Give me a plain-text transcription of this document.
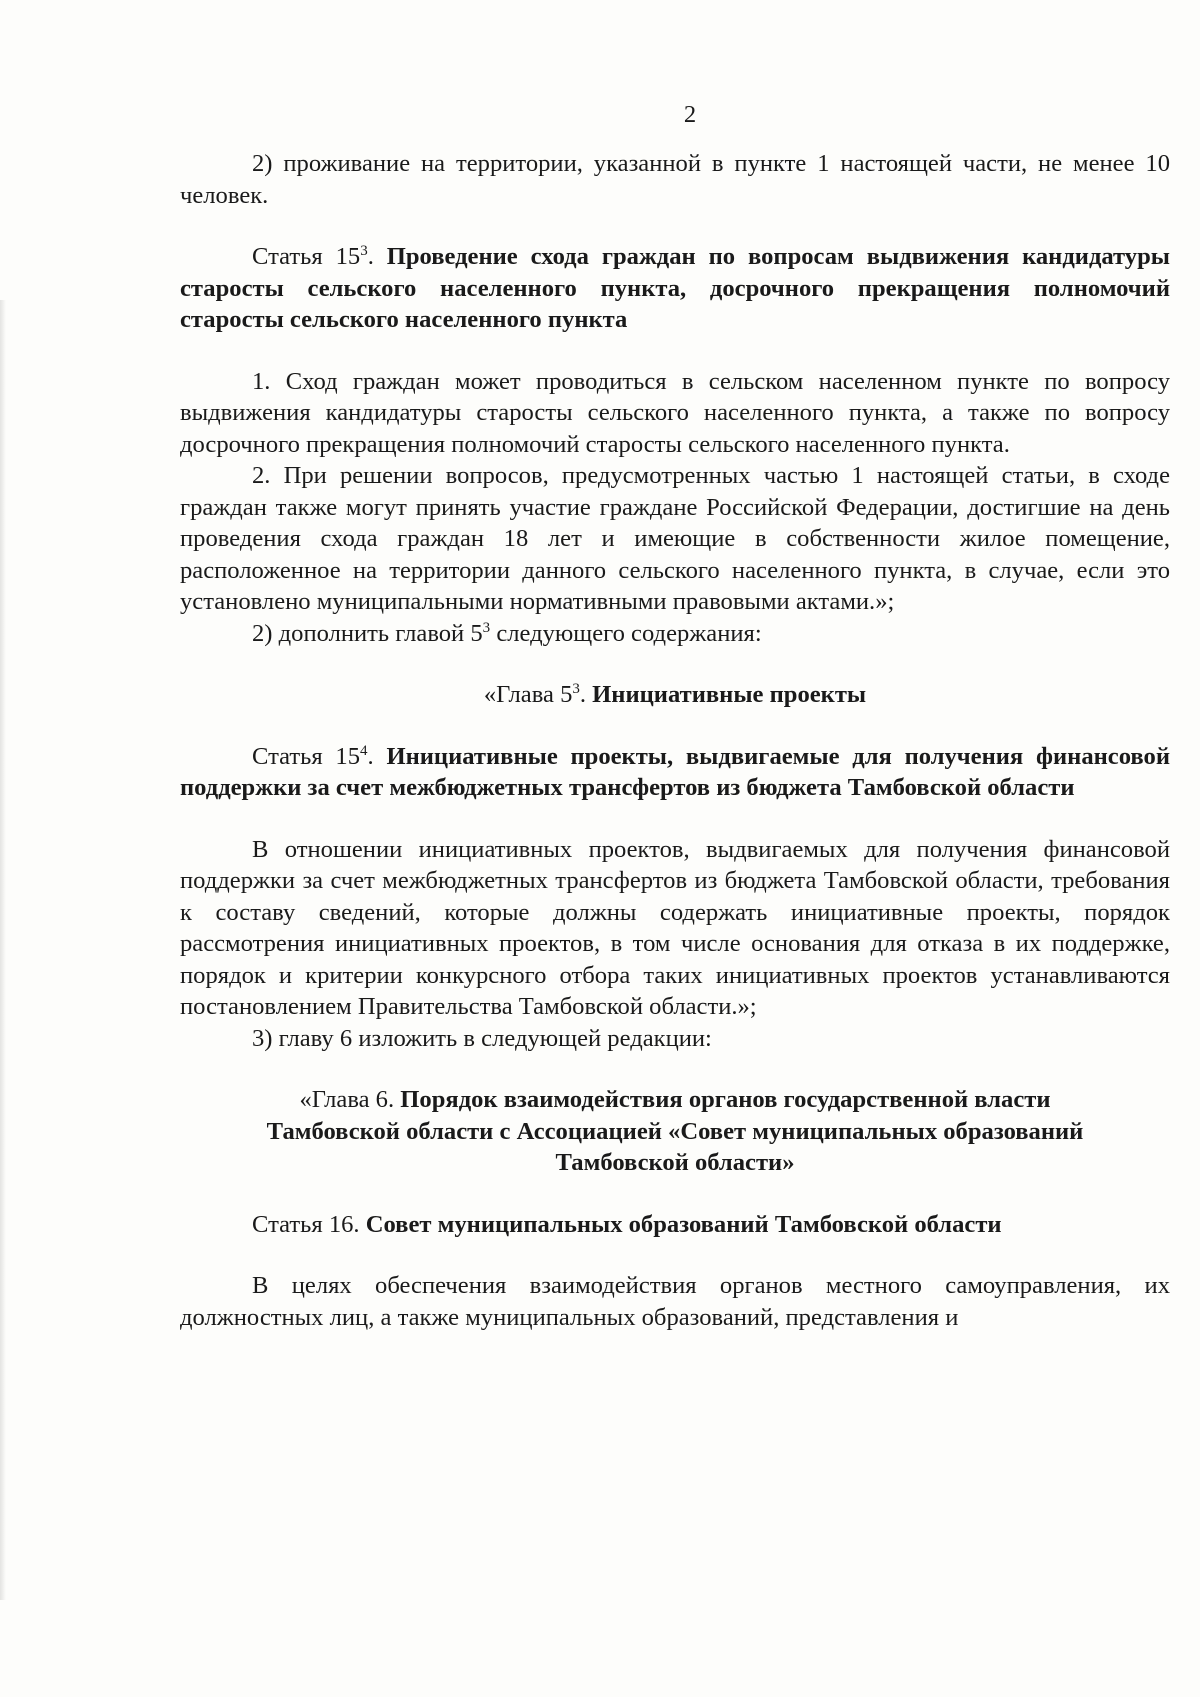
2

2) проживание на территории, указанной в пункте 1 настоящей части, не менее 10 человек.

Статья $15^3$. Проведение схода граждан по вопросам выдвижения кандидатуры старосты сельского населенного пункта, досрочного прекращения полномочий старосты сельского населенного пункта

1. Сход граждан может проводиться в сельском населенном пункте по вопросу выдвижения кандидатуры старосты сельского населенного пункта, а также по вопросу досрочного прекращения полномочий старосты сельского населенного пункта.

2. При решении вопросов, предусмотренных частью 1 настоящей статьи, в сходе граждан также могут принять участие граждане Российской Федерации, достигшие на день проведения схода граждан 18 лет и имеющие в собственности жилое помещение, расположенное на территории данного сельского населенного пункта, в случае, если это установлено муниципальными нормативными правовыми актами.»;

2) дополнить главой $5^3$ следующего содержания:

«Глава $5^3$. Инициативные проекты

Статья $15^4$. Инициативные проекты, выдвигаемые для получения финансовой поддержки за счет межбюджетных трансфертов из бюджета Тамбовской области

В отношении инициативных проектов, выдвигаемых для получения финансовой поддержки за счет межбюджетных трансфертов из бюджета Тамбовской области, требования к составу сведений, которые должны содержать инициативные проекты, порядок рассмотрения инициативных проектов, в том числе основания для отказа в их поддержке, порядок и критерии конкурсного отбора таких инициативных проектов устанавливаются постановлением Правительства Тамбовской области.»;

3) главу 6 изложить в следующей редакции:

«Глава 6. Порядок взаимодействия органов государственной власти
Тамбовской области с Ассоциацией «Совет муниципальных образований
Тамбовской области»

Статья 16. Совет муниципальных образований Тамбовской области

В целях обеспечения взаимодействия органов местного самоуправления, их должностных лиц, а также муниципальных образований, представления и
